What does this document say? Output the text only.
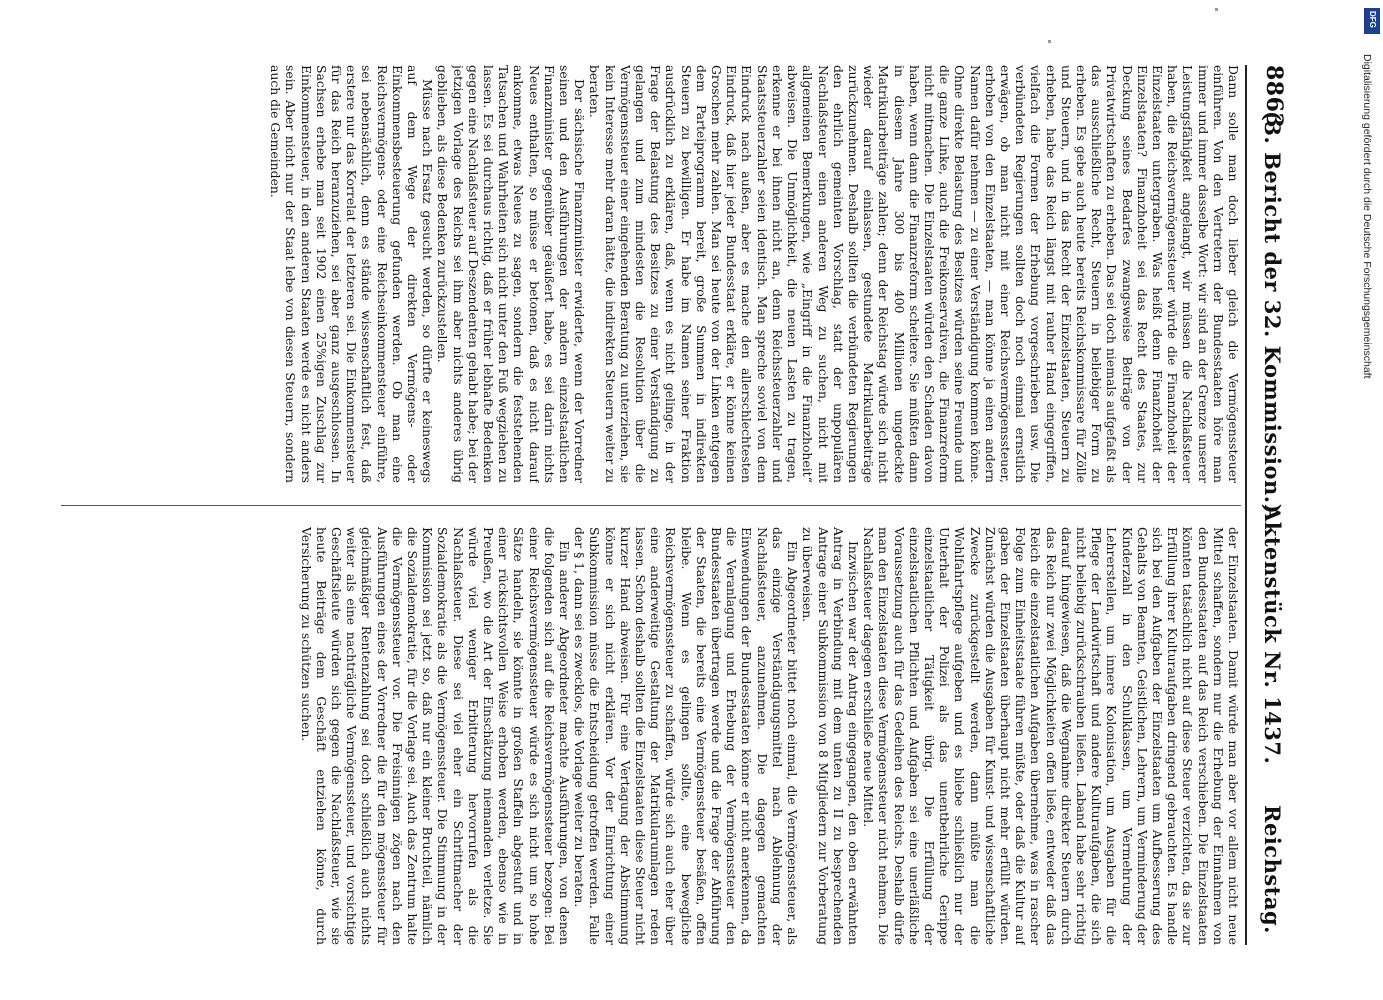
8863
(3. Bericht der 32. Kommission.)
Aktenstück Nr. 1437.
Reichstag.

Dann solle man doch lieber gleich die Vermögenssteuer einführen. Von den Vertretern der Bundesstaaten höre man immer und immer dasselbe Wort: wir sind an der Grenze unserer Leistungsfähigkeit angelangt, wir müssen die Nachlaßsteuer haben, die Reichsvermögenssteuer würde die Finanzhoheit der Einzelstaaten untergraben. Was heißt denn Finanzhoheit der Einzelstaaten? Finanzhoheit sei das Recht des Staates, zur Deckung seines Bedarfes zwangsweise Beiträge von der Privatwirtschaften zu erheben. Das sei doch niemals aufgefaßt als das ausschließliche Recht, Steuern in beliebiger Form zu erheben. Es gebe auch heute bereits Reichskommissare für Zölle und Steuern, und in das Recht der Einzelstaaten, Steuern zu erheben, habe das Reich längst mit rauher Hand eingegriffen, vielfach die Formen der Erhebung vorgeschrieben usw. Die verbündeten Regierungen sollten doch noch einmal ernstlich erwägen, ob man nicht mit einer Reichsvermögenssteuer, erhoben von den Einzelstaaten, — man könne ja einen andern Namen dafür nehmen — zu einer Verständigung kommen könne. Ohne direkte Belastung des Besitzes würden seine Freunde und die ganze Linke, auch die Freikonservativen, die Finanzreform nicht mitmachen. Die Einzelstaaten würden den Schaden davon haben, wenn dann die Finanzreform scheitere. Sie müßten dann in diesem Jahre 300 bis 400 Millionen ungedeckte Matrikularbeiträge zahlen; denn der Reichstag würde sich nicht wieder darauf einlassen, gestundete Matrikularbeiträge zurückzunehmen. Deshalb sollten die verbündeten Regierungen den ehrlich gemeinten Vorschlag, statt der unpopulären Nachlaßsteuer einen anderen Weg zu suchen, nicht mit allgemeinen Bemerkungen, wie „Eingriff in die Finanzhoheit“ abweisen. Die Unmöglichkeit, die neuen Lasten zu tragen, erkenne er bei ihnen nicht an, denn Reichssteuerzahler und Staatssteuerzahler seien identisch. Man spreche soviel von dem Eindruck nach außen, aber es mache den allerschlechtesten Eindruck, daß hier jeder Bundesstaat erkläre, er könne keinen Groschen mehr zahlen. Man sei heute von der Linken entgegen dem Parteiprogramm bereit, große Summen in indirekten Steuern zu bewilligen. Er habe im Namen seiner Fraktion ausdrücklich zu erklären, daß, wenn es nicht gelinge, in der Frage der Belastung des Besitzes zu einer Verständigung zu gelangen und zum mindesten die Resolution über die Vermögenssteuer einer eingehenden Beratung zu unterziehen, sie kein Interesse mehr daran hätte, die indirekten Steuern weiter zu beraten.

Der sächsische Finanzminister erwiderte, wenn der Vorredner seinen und den Ausführungen der andern einzelstaatlichen Finanzminister gegenüber geäußert habe, es sei darin nichts Neues enthalten, so müsse er betonen, daß es nicht darauf ankomme, etwas Neues zu sagen, sondern die feststehenden Tatsachen und Wahrheiten sich nicht unter den Fuß wegziehen zu lassen. Es sei durchaus richtig, daß er früher lebhafte Bedenken gegen eine Nachlaßsteuer auf Deszendenten gehabt habe; bei der jetzigen Vorlage des Reichs sei ihm aber nichts anderes übrig geblieben, als diese Bedenken zurückzustellen.

Müsse nach Ersatz gesucht werden, so dürfte er keineswegs auf dem Wege der direkten Vermögens- oder Einkommensbesteuerung gefunden werden. Ob man eine Reichsvermögens- oder eine Reichseinkommensteuer einführe, sei nebensächlich, denn es stände wissenschaftlich fest, daß erstere nur das Korrelat der letzteren sei. Die Einkommensteuer für das Reich heranzuziehen, sei aber ganz ausgeschlossen. In Sachsen erhebe man seit 1902 einen 25%igen Zuschlag zur Einkommensteuer, in den anderen Staaten werde es nicht anders sein. Aber nicht nur der Staat lebe von diesen Steuern, sondern auch die Gemeinden.

der Einzelstaaten. Damit würde man aber vor allem nicht neue Mittel schaffen, sondern nur die Erhebung der Einnahmen von den Bundesstaaten auf das Reich verschieben. Die Einzelstaaten könnten tatsächlich nicht auf diese Steuer verzichten, da sie zur Erfüllung ihrer Kulturaufgaben dringend gebrauchten. Es handle sich bei den Aufgaben der Einzelstaaten um Aufbesserung des Gehalts von Beamten, Geistlichen, Lehrern, um Verminderung der Kinderzahl in den Schulklassen, um Vermehrung der Lehrerstellen, um innere Kolonisation, um Ausgaben für die Pflege der Landwirtschaft und andere Kulturaufgaben, die sich nicht beliebig zurückschrauben ließen. Laband habe sehr richtig darauf hingewiesen, daß die Wegnahme direkter Steuern durch das Reich nur zwei Möglichkeiten offen ließe, entweder daß das Reich die einzelstaatlichen Aufgaben übernehme, was in rascher Folge zum Einheitsstaate führen müßte, oder daß die Kultur auf gaben der Einzelstaaten überhaupt nicht mehr erfüllt würden. Zunächst würden die Ausgaben für Kunst- und wissenschaftliche Zwecke zurückgestellt werden, dann müßte man die Wohlfahrtspflege aufgeben und es bliebe schließlich nur der Unterhalt der Polizei als das unentbehrliche Gerippe einzelstaatlicher Tätigkeit übrig. Die Erfüllung der einzelstaatlichen Pflichten und Aufgaben sei eine unerläßliche Voraussetzung auch für das Gedeihen des Reichs. Deshalb dürfe man den Einzelstaaten diese Vermögenssteuer nicht nehmen. Die Nachlaßsteuer dagegen erschließe neue Mittel.

Inzwischen war der Antrag eingegangen, den oben erwähnten Antrag in Verbindung mit dem unten zu II zu besprechenden Antrage einer Subkommission von 8 Mitgliedern zur Vorberatung zu überweisen.

Ein Abgeordneter bittet noch einmal, die Vermögenssteuer, als das einzige Verständigungsmittel nach Ablehnung der Nachlaßsteuer, anzunehmen. Die dagegen gemachten Einwendungen der Bundesstaaten könne er nicht anerkennen, da die Veranlagung und Erhebung der Vermögenssteuer den Bundesstaaten übertragen werde und die Frage der Abführung der Staaten, die bereits eine Vermögenssteuer besäßen, offen bleibe. Wenn es gelingen sollte, eine bewegliche Reichsvermögenssteuer zu schaffen, würde sich auch eher über eine anderweitige Gestaltung der Matrikularumlagen reden lassen. Schon deshalb sollten die Einzelstaaten diese Steuer nicht kurzer Hand abweisen. Für eine Vertagung der Abstimmung könne er sich nicht erklären. Vor der Einrichtung einer Subkommission müsse die Entscheidung getroffen werden. Falle der § 1, dann sei es zwecklos, die Vorlage weiter zu beraten.

Ein anderer Abgeordneter machte Ausführungen, von denen die folgenden sich auf die Reichsvermögenssteuer bezogen: Bei einer Reichsvermögenssteuer würde es sich nicht um so hohe Sätze handeln, sie könnte in großen Staffeln abgestuft und in einer rücksichtsvollen Weise erhoben werden, ebenso wie in Preußen, wo die Art der Einschätzung niemanden verletze. Sie würde viel weniger Erbitterung hervorrufen als die Nachlaßsteuer. Diese sei viel eher ein Schrittmacher der Sozialdemokratie als die Vermögenssteuer. Die Stimmung in der Kommission sei jetzt so, daß nur ein kleiner Bruchteil, nämlich die Sozialdemokratie, für die Vorlage sei. Auch das Zentrum halte die Vermögenssteuer vor. Die Freisinnigen zögen nach den Ausführungen eines der Vorredner die für den mögenssteuer für gleichmäßiger Rentenzahlung sei doch schließlich auch nichts weiter als eine nachträgliche Vermögenssteuer, und vorsichtige Geschäftsleute würden sich gegen die Nachlaßsteuer, wie sie heute Beiträge dem Geschäft entziehen könne, durch Versicherung zu schützen suchen.

DFG
Digitalisierung gefördert durch die Deutsche Forschungsgemeinschaft
